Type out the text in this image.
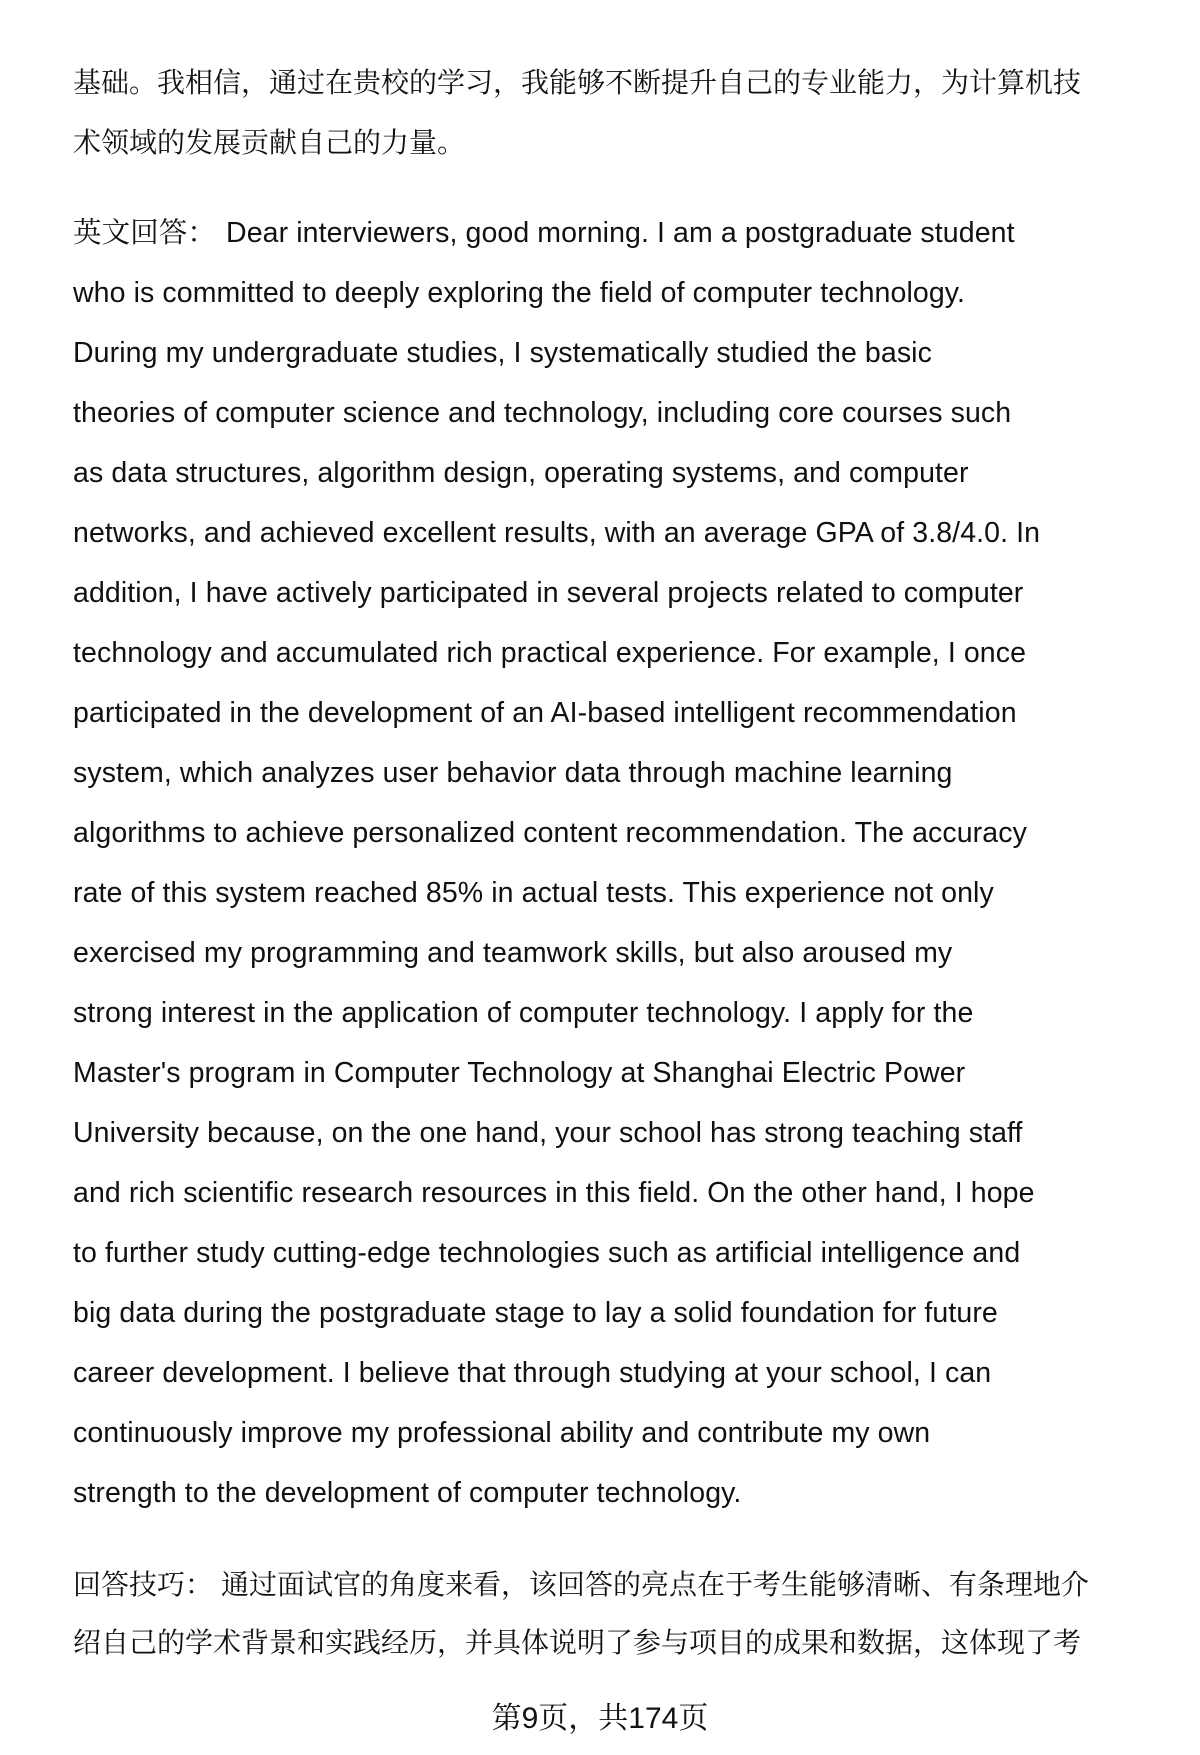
基础。我相信，通过在贵校的学习，我能够不断提升自己的专业能力，为计算机技
术领域的发展贡献自己的力量。
英文回答： Dear interviewers, good morning. I am a postgraduate student
who is committed to deeply exploring the field of computer technology.
During my undergraduate studies, I systematically studied the basic
theories of computer science and technology, including core courses such
as data structures, algorithm design, operating systems, and computer
networks, and achieved excellent results, with an average GPA of 3.8/4.0. In
addition, I have actively participated in several projects related to computer
technology and accumulated rich practical experience. For example, I once
participated in the development of an AI-based intelligent recommendation
system, which analyzes user behavior data through machine learning
algorithms to achieve personalized content recommendation. The accuracy
rate of this system reached 85% in actual tests. This experience not only
exercised my programming and teamwork skills, but also aroused my
strong interest in the application of computer technology. I apply for the
Master's program in Computer Technology at Shanghai Electric Power
University because, on the one hand, your school has strong teaching staff
and rich scientific research resources in this field. On the other hand, I hope
to further study cutting-edge technologies such as artificial intelligence and
big data during the postgraduate stage to lay a solid foundation for future
career development. I believe that through studying at your school, I can
continuously improve my professional ability and contribute my own
strength to the development of computer technology.
回答技巧： 通过面试官的角度来看，该回答的亮点在于考生能够清晰、有条理地介
绍自己的学术背景和实践经历，并具体说明了参与项目的成果和数据，这体现了考
第9页，共174页
